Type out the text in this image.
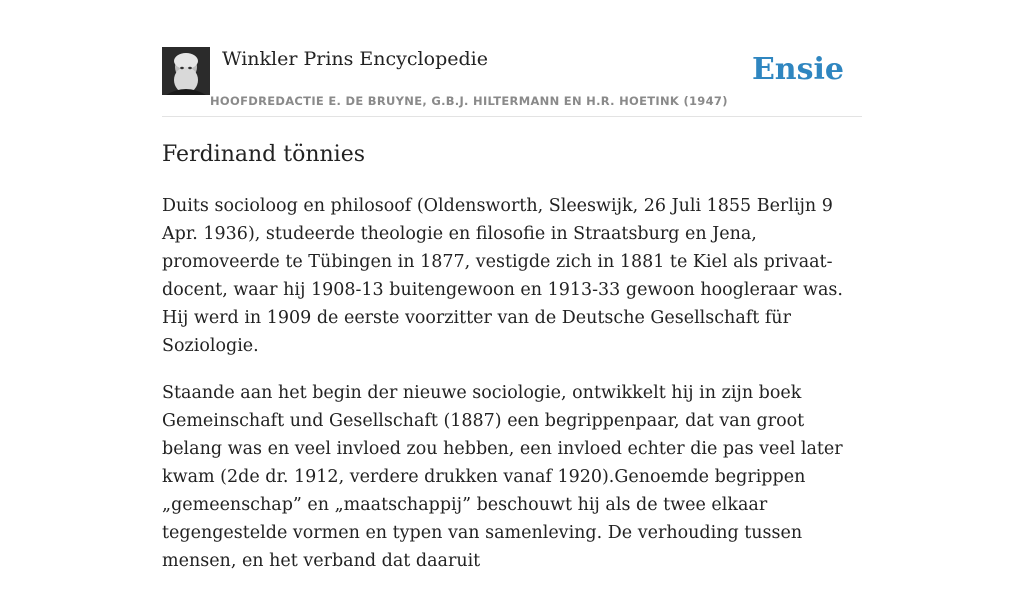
Winkler Prins Encyclopedie
HOOFDREDACTIE E. DE BRUYNE, G.B.J. HILTERMANN EN H.R. HOETINK (1947)
Ensie
Ferdinand tönnies

Duits socioloog en philosoof (Oldensworth, Sleeswijk, 26 Juli 1855 Berlijn 9 Apr. 1936), studeerde theologie en filosofie in Straatsburg en Jena, promoveerde te Tübingen in 1877, vestigde zich in 1881 te Kiel als privaat-docent, waar hij 1908-13 buitengewoon en 1913-33 gewoon hoogleraar was. Hij werd in 1909 de eerste voorzitter van de Deutsche Gesellschaft für Soziologie.

Staande aan het begin der nieuwe sociologie, ontwikkelt hij in zijn boek Gemeinschaft und Gesellschaft (1887) een begrippenpaar, dat van groot belang was en veel invloed zou hebben, een invloed echter die pas veel later kwam (2de dr. 1912, verdere drukken vanaf 1920).Genoemde begrippen „gemeenschap” en „maatschappij” beschouwt hij als de twee elkaar tegengestelde vormen en typen van samenleving. De verhouding tussen mensen, en het verband dat daaruit
